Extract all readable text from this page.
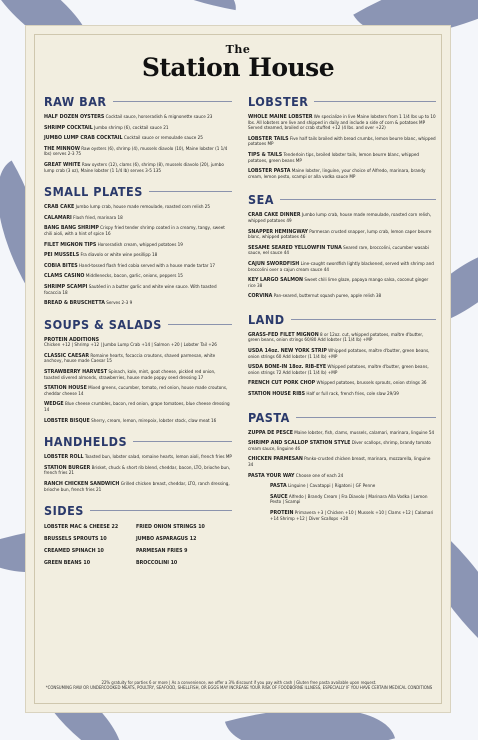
The
Station House
RAW BAR
HALF DOZEN OYSTERS Cocktail sauce, horseradish & mignonette sauce 23
SHRIMP COCKTAIL Jumbo shrimp (6), cocktail sauce 21
JUMBO LUMP CRAB COCKTAIL Cocktail sauce or remoulade sauce 25
THE MINNOW Raw oysters (6), shrimp (4), mussels diavolo (10), Maine lobster (1 1/4 lbs) serves 2-3 75
GREAT WHITE Raw oysters (12), clams (6), shrimp (8), mussels diavolo (20), jumbo lump crab (3 oz), Maine lobster (1 1/4 lb) serves 3-5 135
SMALL PLATES
CRAB CAKE Jumbo lump crab, house made remoulade, roasted corn relish 25
CALAMARI Flash fried, marinara 18
BANG BANG SHRIMP Crispy fried tender shrimp coated in a creamy, tangy, sweet chili aioli, with a hint of spice 16
FILET MIGNON TIPS Horseradish cream, whipped potatoes 19
PEI MUSSELS Fra diavolo or white wine pesillipp 18
COBIA BITES Hand-tossed flash fried cobia served with a house made tartar 17
CLAMS CASINO Middlenecks, bacon, garlic, onions, peppers 15
SHRIMP SCAMPI Sautéed in a butter garlic and white wine sauce. With toasted focaccia 18
BREAD & BRUSCHETTA Serves 2-3 9
SOUPS & SALADS
PROTEIN ADDITIONS
Chicken +12 | Shrimp +12 | Jumbo Lump Crab +14 | Salmon +20 | Lobster Tail +26
CLASSIC CAESAR Romaine hearts, focaccia croutons, shaved parmesan, white anchovy, house made Caesar 15
STRAWBERRY HARVEST Spinach, kale, mint, goat cheese, pickled red onion, toasted slivered almonds, strawberries, house made poppy seed dressing 17
STATION HOUSE Mixed greens, cucumber, tomato, red onion, house made croutons, cheddar cheese 14
WEDGE Blue cheese crumbles, bacon, red onion, grape tomatoes, blue cheese dressing 14
LOBSTER BISQUE Sherry, cream, lemon, mirepoix, lobster stock, claw meat 16
HANDHELDS
LOBSTER ROLL Toasted bun, lobster salad, romaine hearts, lemon aioli, french fries MP
STATION BURGER Brisket, chuck & short rib blend, cheddar, bacon, LTO, brioche bun, french fries 21
RANCH CHICKEN SANDWICH Grilled chicken breast, cheddar, LTO, ranch dressing, brioche bun, french fries 21
SIDES
LOBSTER MAC & CHEESE 22	FRIED ONION STRINGS 10
BRUSSELS SPROUTS 10	JUMBO ASPARAGUS 12
CREAMED SPINACH 10	PARMESAN FRIES 9
GREEN BEANS 10	BROCCOLINI 10
LOBSTER
WHOLE MAINE LOBSTER We specialize in live Maine lobsters from 1 1/4 lbs up to 10 lbs. All lobsters are live and shipped in daily and include a side of corn & potatoes MP Served steamed, broiled or crab stuffed +12 (4 lbs. and over +22)
LOBSTER TAILS Five half tails broiled with bread crumbs, lemon beurre blanc, whipped potatoes MP
TIPS & TAILS Tenderloin tips, broiled lobster tails, lemon beurre blanc, whipped potatoes, green beans MP
LOBSTER PASTA Maine lobster, linguine, your choice of Alfredo, marinara, brandy cream, lemon pesto, scampi or alla vodka sauce MP
SEA
CRAB CAKE DINNER Jumbo lump crab, house made remoulade, roasted corn relish, whipped potatoes 49
SNAPPER HEMINGWAY Parmesan crusted snapper, lump crab, lemon caper beurre blanc, whipped potatoes 46
SESAME SEARED YELLOWFIN TUNA Seared rare, broccolini, cucumber wasabi sauce, eel sauce 44
CAJUN SWORDFISH Line-caught swordfish lightly blackened, served with shrimp and broccolini over a cajun cream sauce 44
KEY LARGO SALMON Sweet chili lime glaze, papaya mango salsa, coconut ginger rice 38
CORVINA Pan-seared, butternut squash puree, apple relish 38
LAND
GRASS-FED FILET MIGNON 8 or 12oz. cut, whipped potatoes, maître d'butter, green beans, onion strings 60/80 Add lobster (1 1/4 lb) +MP
USDA 14oz. NEW YORK STRIP Whipped potatoes, maître d'butter, green beans, onion strings 60 Add lobster (1 1/4 lb) +MP
USDA BONE-IN 18oz. RIB-EYE Whipped potatoes, maître d'butter, green beans, onion strings 72 Add lobster (1 1/4 lb) +MP
FRENCH CUT PORK CHOP Whipped potatoes, brussels sprouts, onion strings 36
STATION HOUSE RIBS Half or full rack, french fries, cole slaw 29/39
PASTA
ZUPPA DE PESCE Maine lobster, fish, clams, mussels, calamari, marinara, linguine 54
SHRIMP AND SCALLOP STATION STYLE Diver scallops, shrimp, brandy tomato cream sauce, linguine 46
CHICKEN PARMESAN Panko-crusted chicken breast, marinara, mozzarella, linguine 34
PASTA YOUR WAY Choose one of each 24
PASTA Linguine | Cavatappi | Rigatoni | GF Penne
SAUCE Alfredo | Brandy Cream | Fra Diavolo | Marinara Alla Vodka | Lemon Pesto | Scampi
PROTEIN Primavera +3 | Chicken +10 | Mussels +10 | Clams +12 | Calamari +14 Shrimp +12 | Diver Scallops +20
22% gratuity for parties 6 or more | As a convenience, we offer a 3% discount if you pay with cash | Gluten free pasta available upon request.
*CONSUMING RAW OR UNDERCOOKED MEATS, POULTRY, SEAFOOD, SHELLFISH, OR EGGS MAY INCREASE YOUR RISK OF FOODBORNE ILLNESS, ESPECIALLY IF YOU HAVE CERTAIN MEDICAL CONDITIONS
